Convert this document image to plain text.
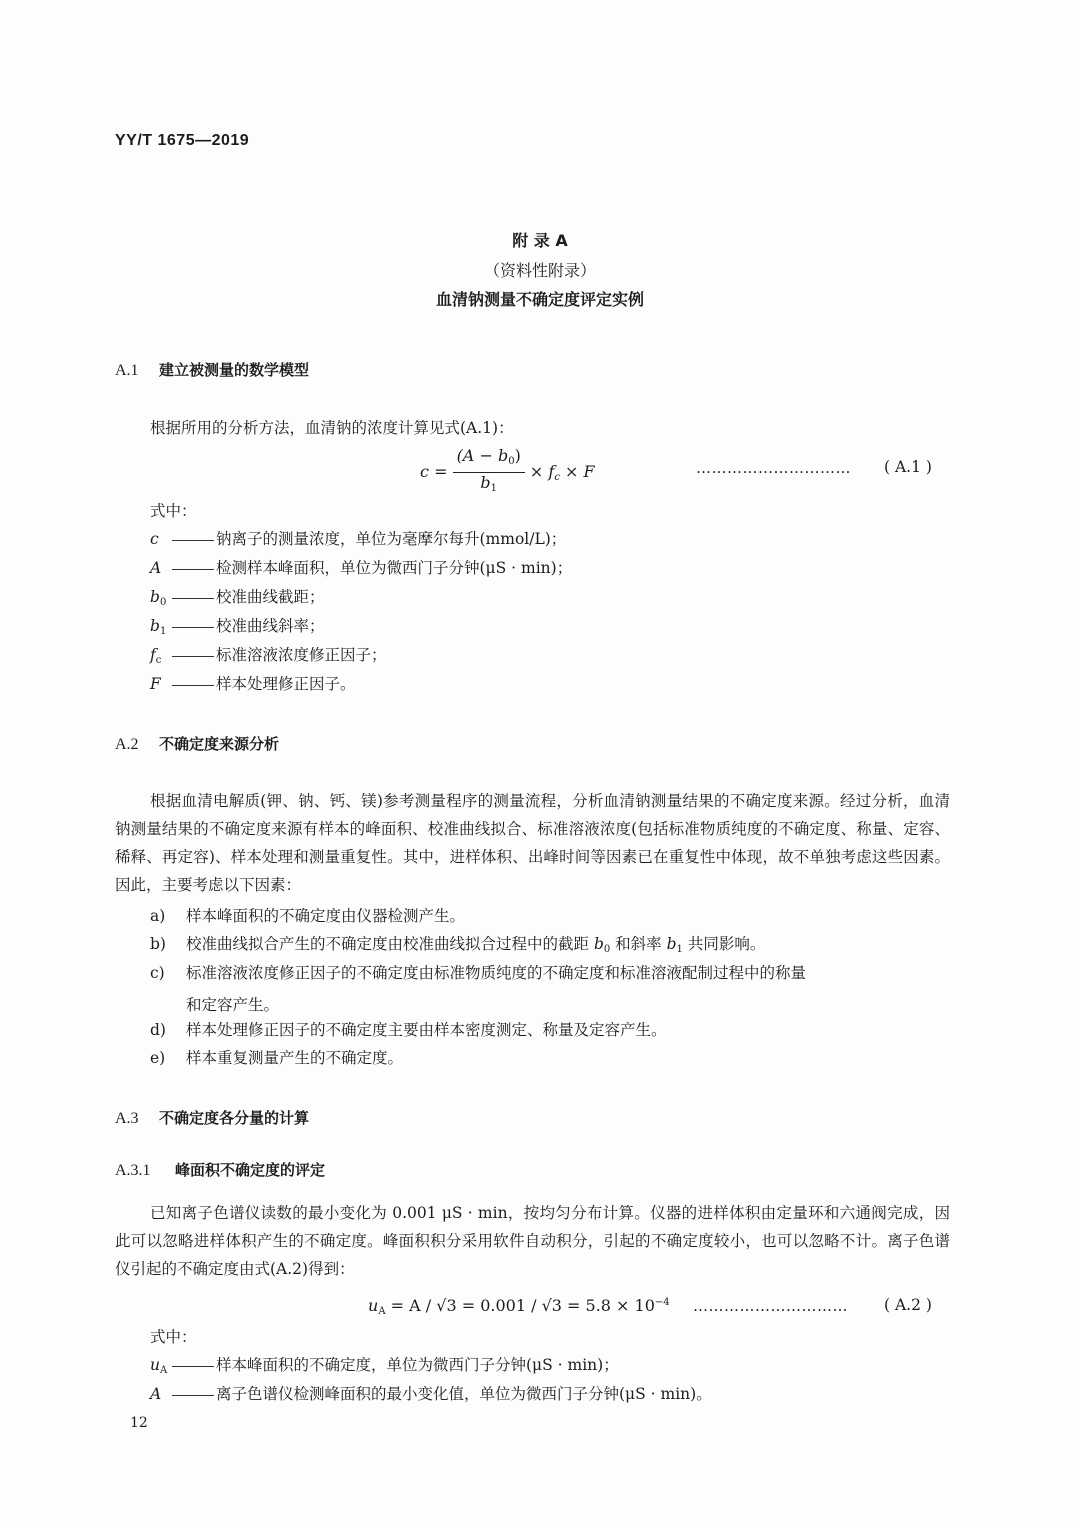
YY/T 1675—2019
附 录 A
（资料性附录）
血清钠测量不确定度评定实例
A.1 建立被测量的数学模型
根据所用的分析方法，血清钠的浓度计算见式(A.1)：
$c = \frac{(A - b_0)}{b_1} \times f_c \times F$	………………………… ( A.1 )
式中：
c	钠离子的测量浓度，单位为毫摩尔每升(mmol/L)；
A	检测样本峰面积，单位为微西门子分钟(μS · min)；
$b_0$	校准曲线截距；
$b_1$	校准曲线斜率；
$f_c$	标准溶液浓度修正因子；
F	样本处理修正因子。
A.2 不确定度来源分析
根据血清电解质(钾、钠、钙、镁)参考测量程序的测量流程，分析血清钠测量结果的不确定度来源。经过分析，血清钠测量结果的不确定度来源有样本的峰面积、校准曲线拟合、标准溶液浓度(包括标准物质纯度的不确定度、称量、定容、稀释、再定容)、样本处理和测量重复性。其中，进样体积、出峰时间等因素已在重复性中体现，故不单独考虑这些因素。因此，主要考虑以下因素：
a) 样本峰面积的不确定度由仪器检测产生。
b) 校准曲线拟合产生的不确定度由校准曲线拟合过程中的截距 $b_0$ 和斜率 $b_1$ 共同影响。
c) 标准溶液浓度修正因子的不确定度由标准物质纯度的不确定度和标准溶液配制过程中的称量
和定容产生。
d) 样本处理修正因子的不确定度主要由样本密度测定、称量及定容产生。
e) 样本重复测量产生的不确定度。
A.3 不确定度各分量的计算
A.3.1 峰面积不确定度的评定
已知离子色谱仪读数的最小变化为 0.001 μS · min，按均匀分布计算。仪器的进样体积由定量环和六通阀完成，因此可以忽略进样体积产生的不确定度。峰面积积分采用软件自动积分，引起的不确定度较小，也可以忽略不计。离子色谱仪引起的不确定度由式(A.2)得到：
$u_A = A / √3 = 0.001 / √3 = 5.8 \times 10^{-4}$ ………………………… ( A.2 )
式中：
$u_A$	样本峰面积的不确定度，单位为微西门子分钟(μS · min)；
A	离子色谱仪检测峰面积的最小变化值，单位为微西门子分钟(μS · min)。
12
